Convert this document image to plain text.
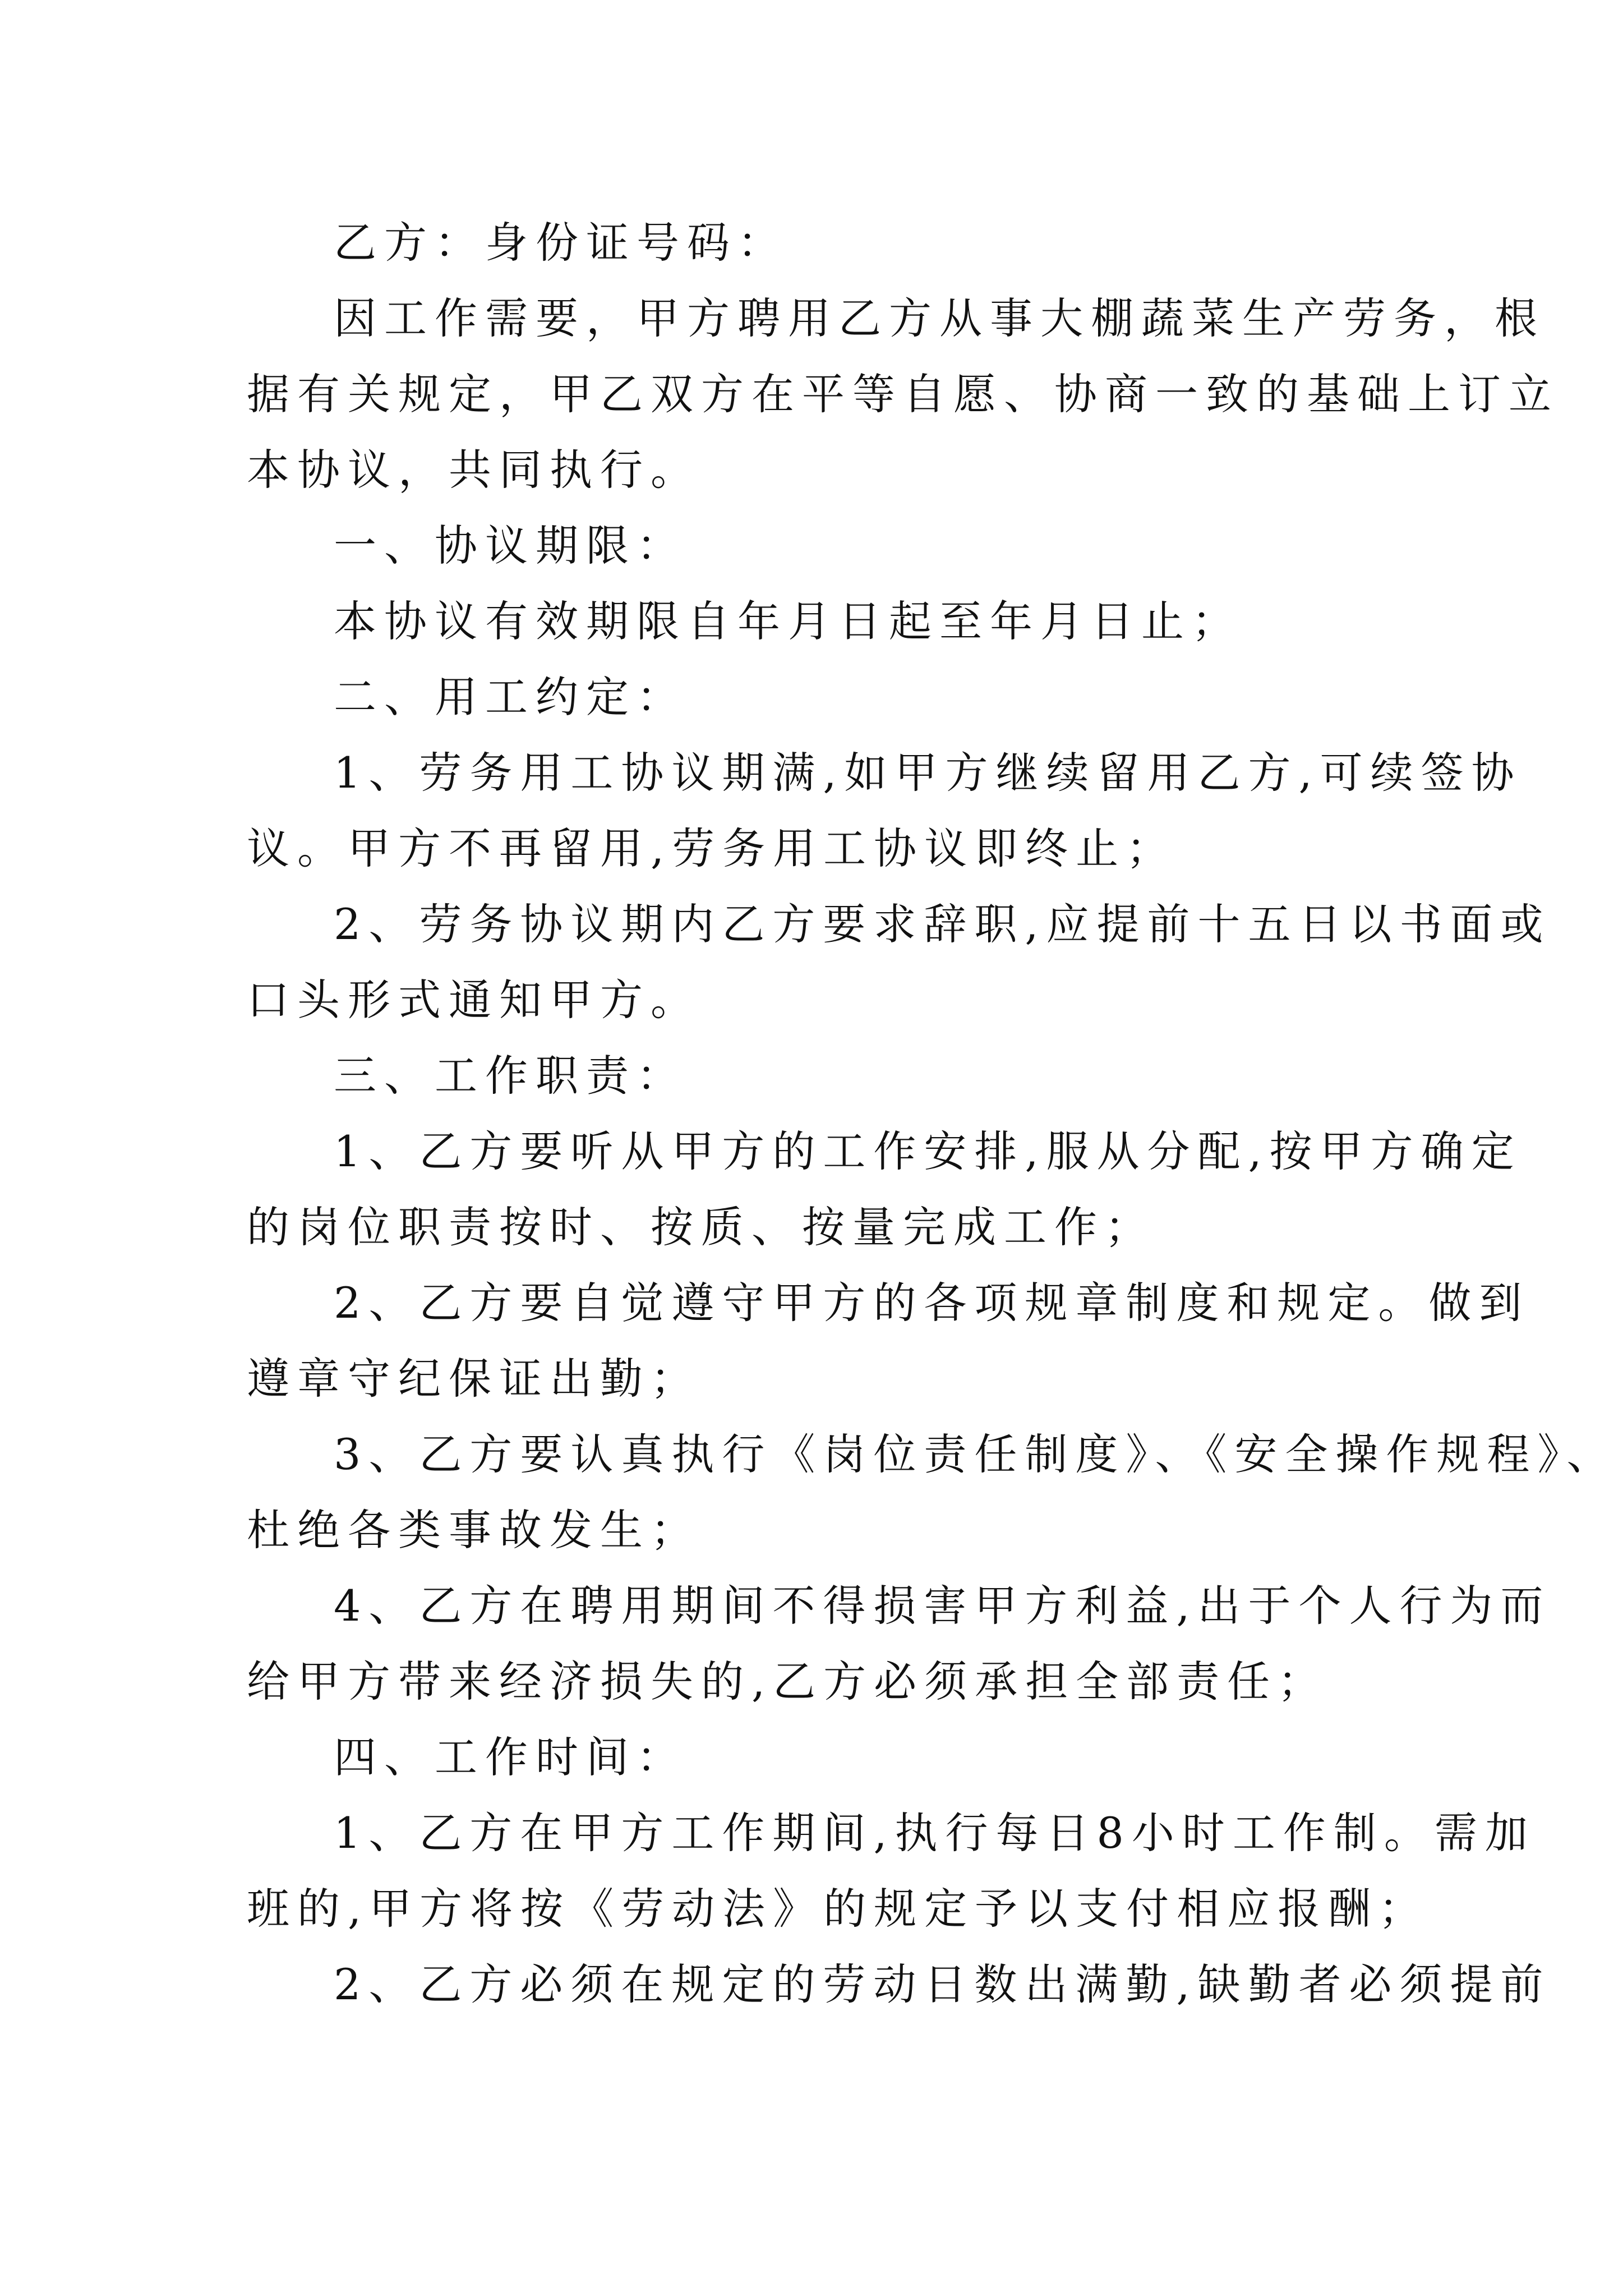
乙方：身份证号码：
因工作需要，甲方聘用乙方从事大棚蔬菜生产劳务，根
据有关规定，甲乙双方在平等自愿、协商一致的基础上订立
本协议，共同执行。
一、协议期限：
本协议有效期限自年月日起至年月日止；
二、用工约定：
1、劳务用工协议期满,如甲方继续留用乙方,可续签协
议。甲方不再留用,劳务用工协议即终止；
2、劳务协议期内乙方要求辞职,应提前十五日以书面或
口头形式通知甲方。
三、工作职责：
1、乙方要听从甲方的工作安排,服从分配,按甲方确定
的岗位职责按时、按质、按量完成工作；
2、乙方要自觉遵守甲方的各项规章制度和规定。做到
遵章守纪保证出勤；
3、乙方要认真执行《岗位责任制度》、《安全操作规程》、
杜绝各类事故发生；
4、乙方在聘用期间不得损害甲方利益,出于个人行为而
给甲方带来经济损失的,乙方必须承担全部责任；
四、工作时间：
1、乙方在甲方工作期间,执行每日8小时工作制。需加
班的,甲方将按《劳动法》的规定予以支付相应报酬；
2、乙方必须在规定的劳动日数出满勤,缺勤者必须提前
